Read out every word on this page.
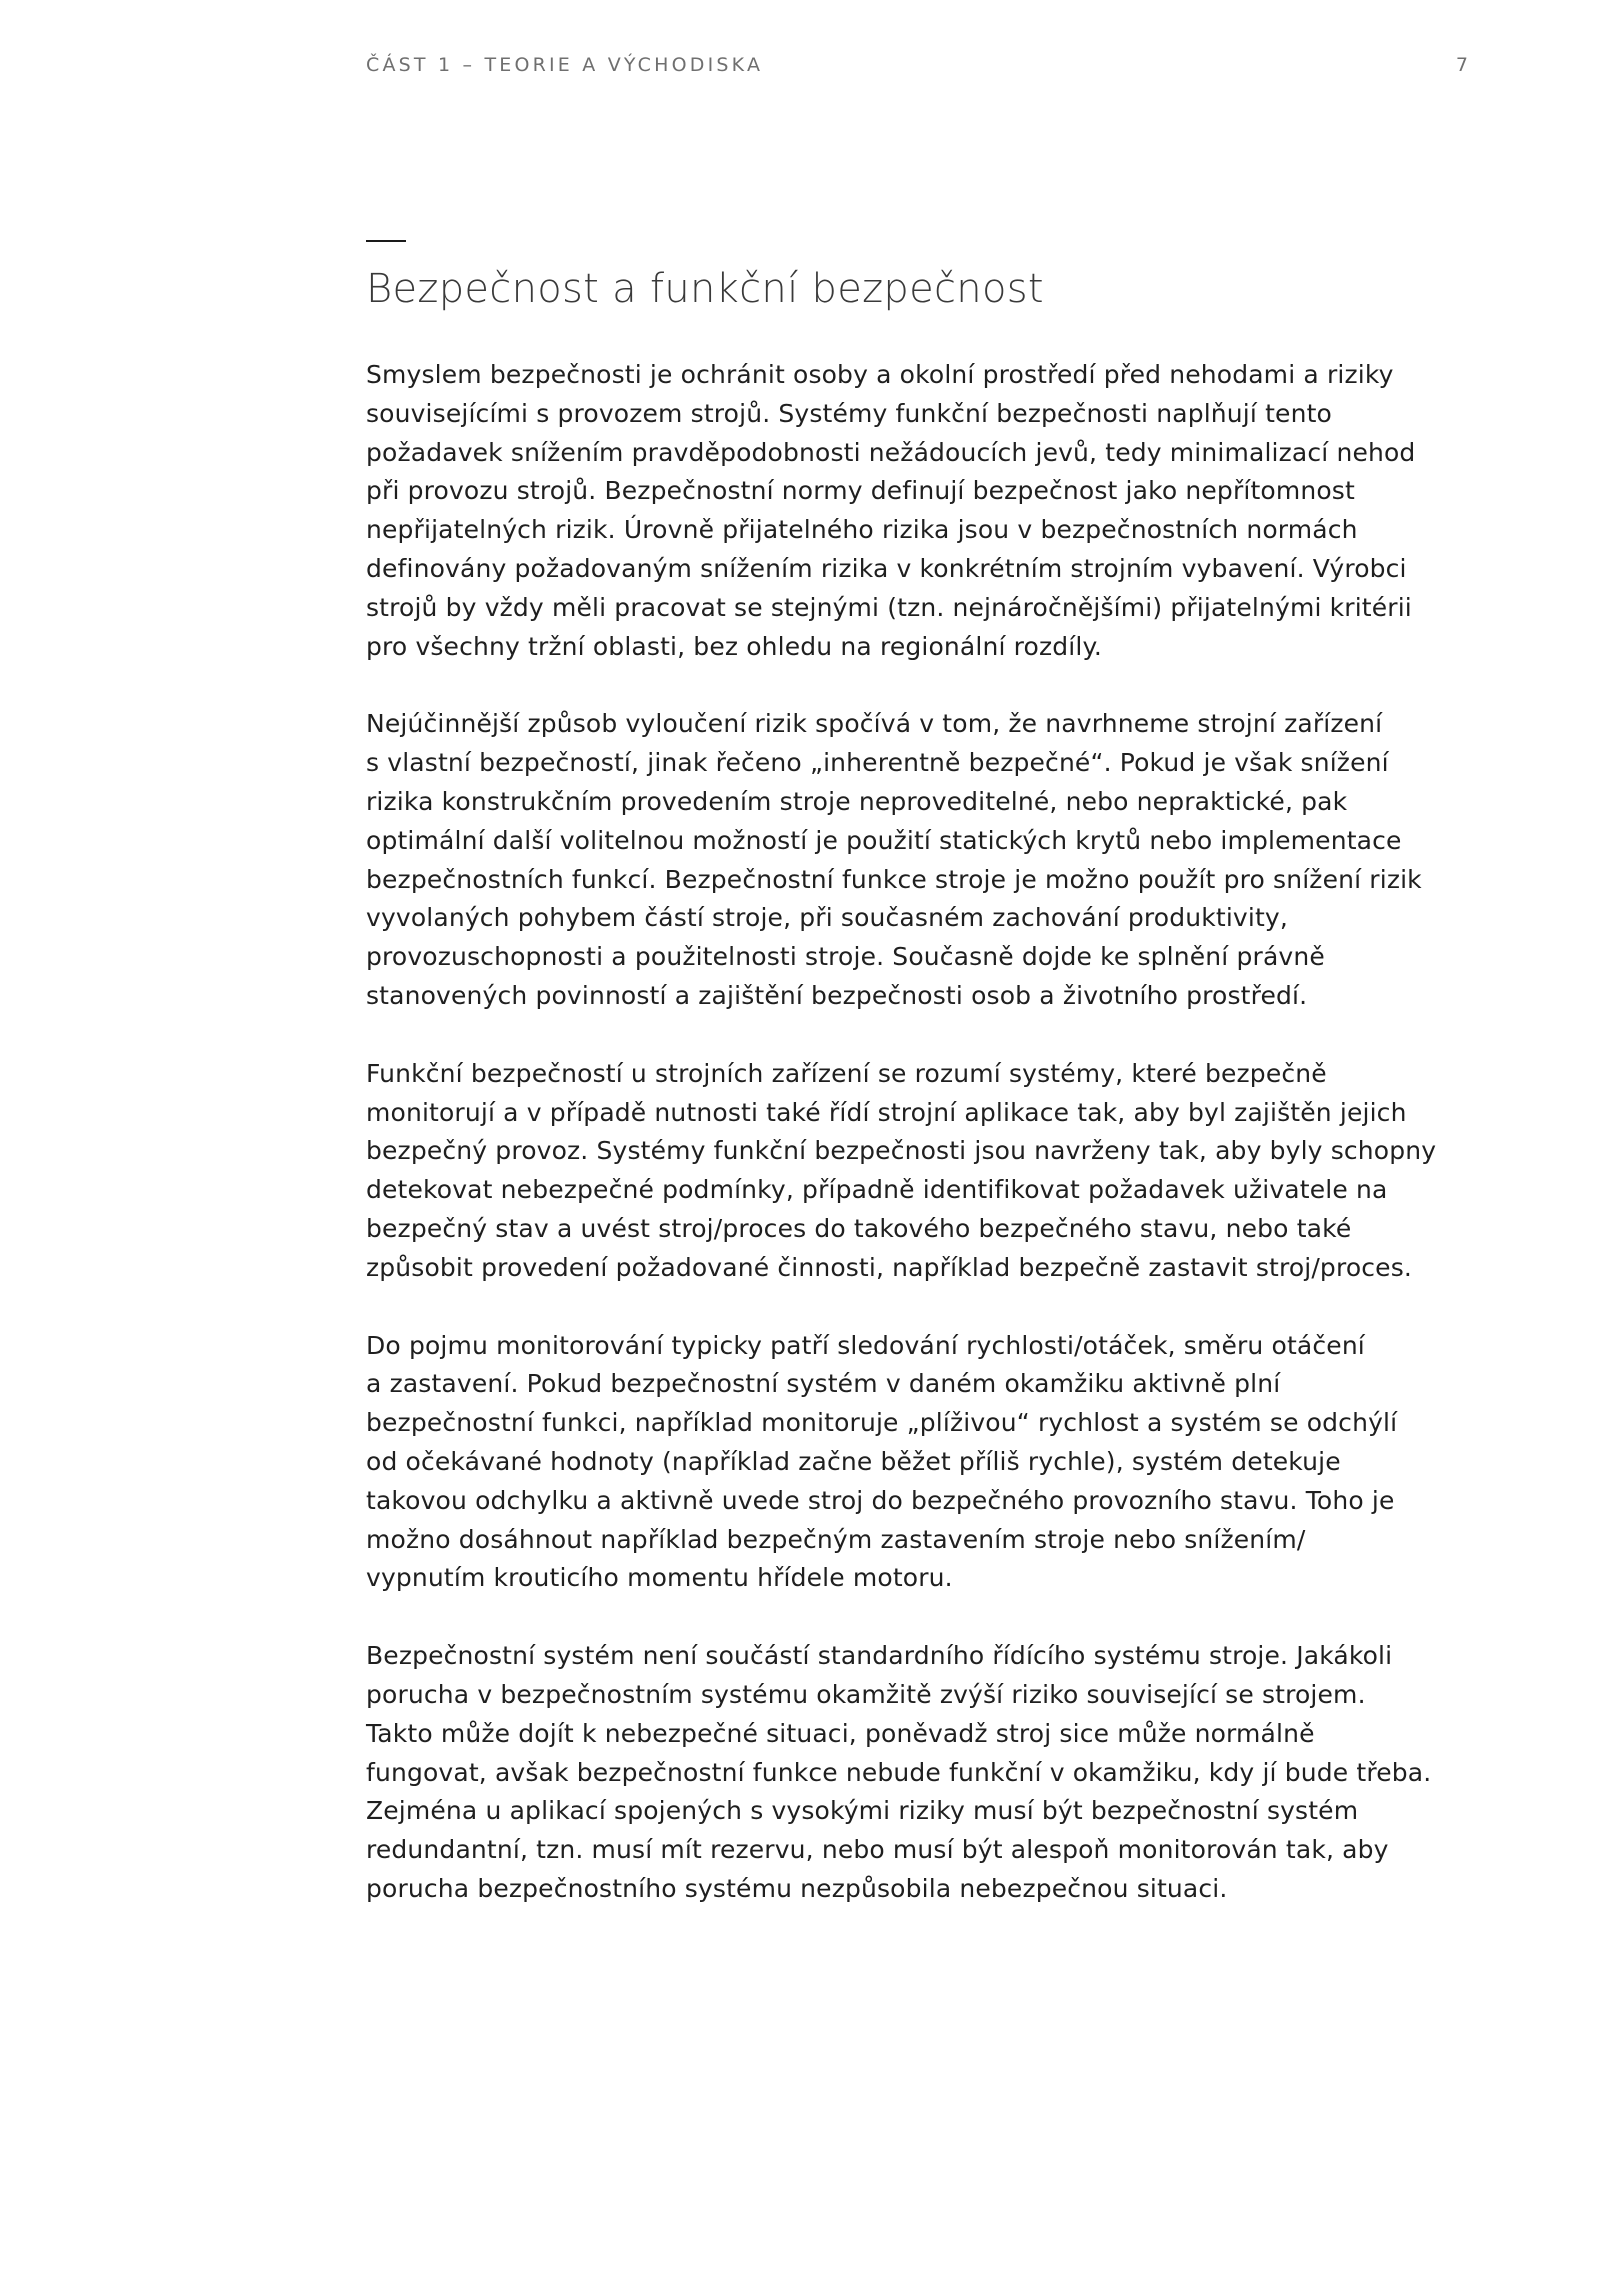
ČÁST 1 – TEORIE A VÝCHODISKA	7
Bezpečnost a funkční bezpečnost

Smyslem bezpečnosti je ochránit osoby a okolní prostředí před nehodami a riziky
souvisejícími s provozem strojů. Systémy funkční bezpečnosti naplňují tento
požadavek snížením pravděpodobnosti nežádoucích jevů, tedy minimalizací nehod
při provozu strojů. Bezpečnostní normy definují bezpečnost jako nepřítomnost
nepřijatelných rizik. Úrovně přijatelného rizika jsou v bezpečnostních normách
definovány požadovaným snížením rizika v konkrétním strojním vybavení. Výrobci
strojů by vždy měli pracovat se stejnými (tzn. nejnáročnějšími) přijatelnými kritérii
pro všechny tržní oblasti, bez ohledu na regionální rozdíly.

Nejúčinnější způsob vyloučení rizik spočívá v tom, že navrhneme strojní zařízení
s vlastní bezpečností, jinak řečeno „inherentně bezpečné“. Pokud je však snížení
rizika konstrukčním provedením stroje neproveditelné, nebo nepraktické, pak
optimální další volitelnou možností je použití statických krytů nebo implementace
bezpečnostních funkcí. Bezpečnostní funkce stroje je možno použít pro snížení rizik
vyvolaných pohybem částí stroje, při současném zachování produktivity,
provozuschopnosti a použitelnosti stroje. Současně dojde ke splnění právně
stanovených povinností a zajištění bezpečnosti osob a životního prostředí.

Funkční bezpečností u strojních zařízení se rozumí systémy, které bezpečně
monitorují a v případě nutnosti také řídí strojní aplikace tak, aby byl zajištěn jejich
bezpečný provoz. Systémy funkční bezpečnosti jsou navrženy tak, aby byly schopny
detekovat nebezpečné podmínky, případně identifikovat požadavek uživatele na
bezpečný stav a uvést stroj/proces do takového bezpečného stavu, nebo také
způsobit provedení požadované činnosti, například bezpečně zastavit stroj/proces.

Do pojmu monitorování typicky patří sledování rychlosti/otáček, směru otáčení
a zastavení. Pokud bezpečnostní systém v daném okamžiku aktivně plní
bezpečnostní funkci, například monitoruje „plíživou“ rychlost a systém se odchýlí
od očekávané hodnoty (například začne běžet příliš rychle), systém detekuje
takovou odchylku a aktivně uvede stroj do bezpečného provozního stavu. Toho je
možno dosáhnout například bezpečným zastavením stroje nebo snížením/
vypnutím krouticího momentu hřídele motoru.

Bezpečnostní systém není součástí standardního řídícího systému stroje. Jakákoli
porucha v bezpečnostním systému okamžitě zvýší riziko související se strojem.
Takto může dojít k nebezpečné situaci, poněvadž stroj sice může normálně
fungovat, avšak bezpečnostní funkce nebude funkční v okamžiku, kdy jí bude třeba.
Zejména u aplikací spojených s vysokými riziky musí být bezpečnostní systém
redundantní, tzn. musí mít rezervu, nebo musí být alespoň monitorován tak, aby
porucha bezpečnostního systému nezpůsobila nebezpečnou situaci.
